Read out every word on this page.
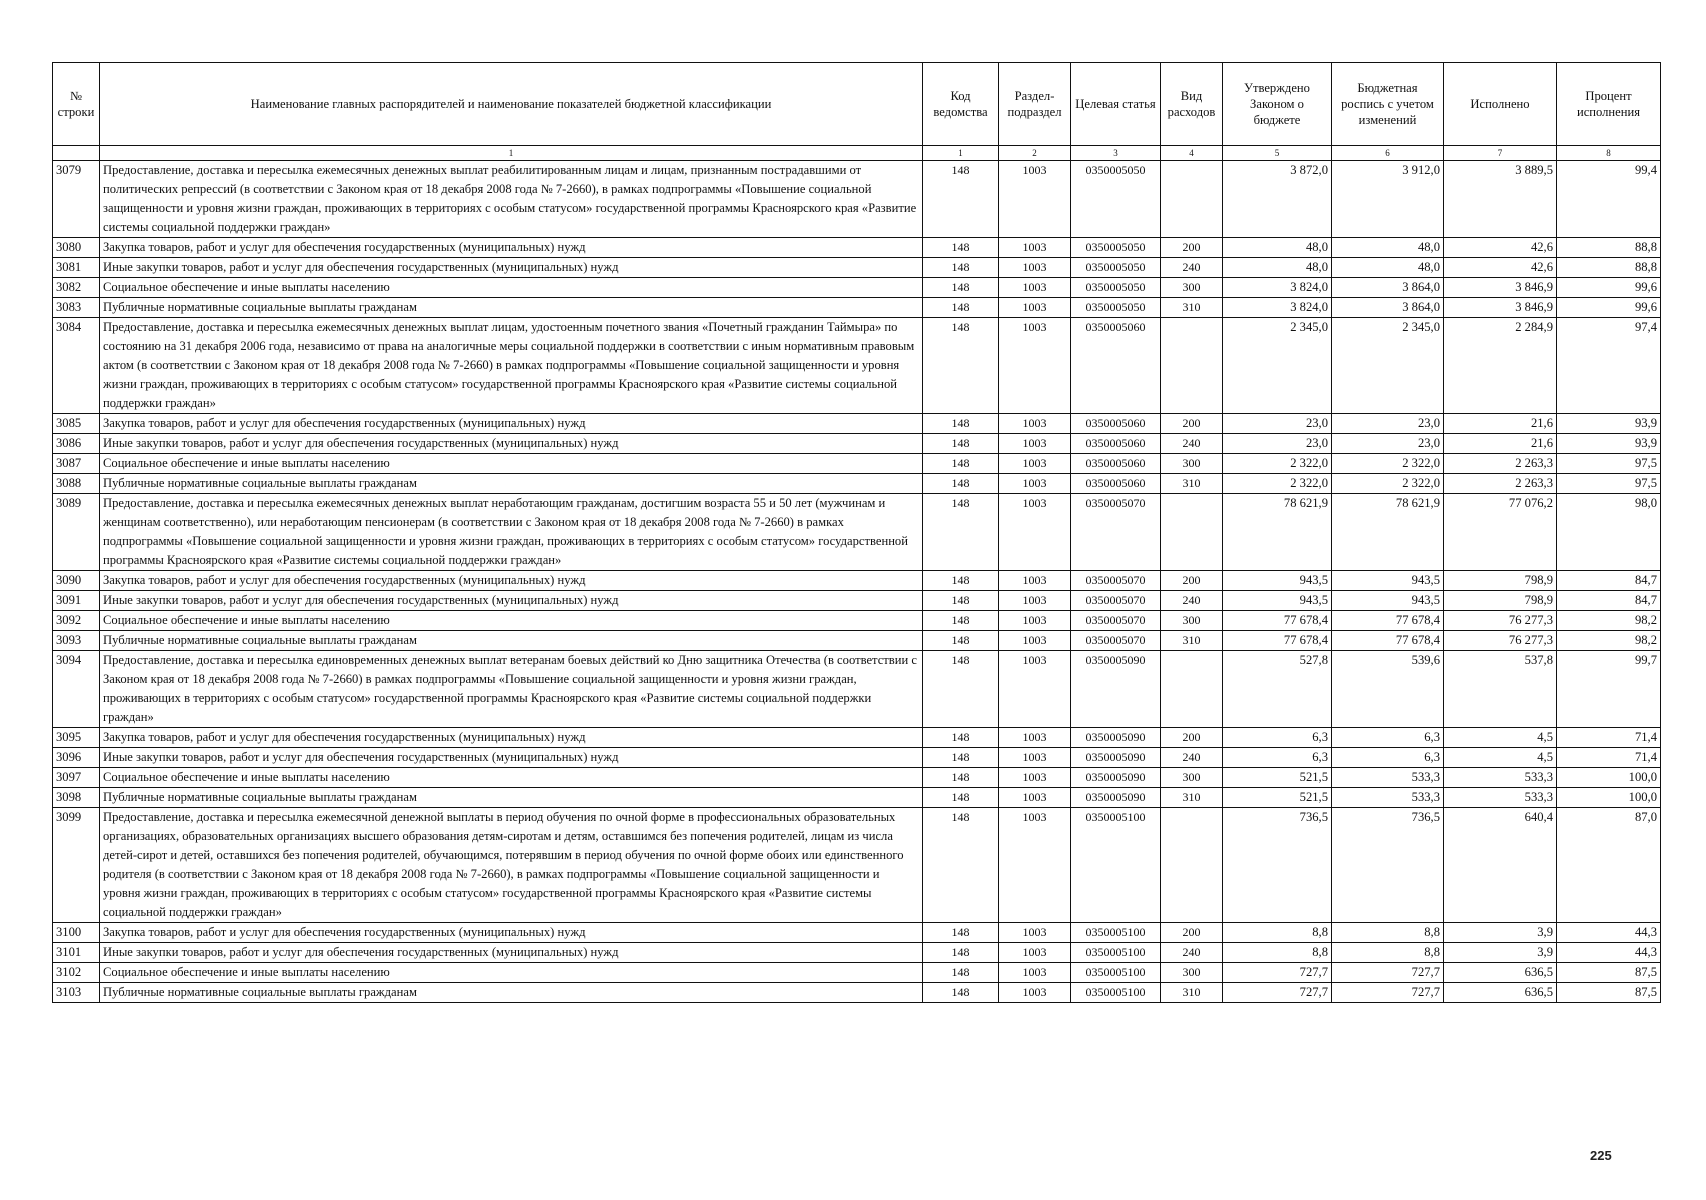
№ строки	Наименование главных распорядителей и наименование показателей бюджетной классификации	Код ведомства	Раздел-подраздел	Целевая статья	Вид расходов	Утверждено Законом о бюджете	Бюджетная роспись с учетом изменений	Исполнено	Процент исполнения
	1	1	2	3	4	5	6	7	8
3079	Предоставление, доставка и пересылка ежемесячных денежных выплат реабилитированным лицам и лицам, признанным пострадавшими от политических репрессий (в соответствии с Законом края от 18 декабря 2008 года № 7-2660), в рамках подпрограммы «Повышение социальной защищенности и уровня жизни граждан, проживающих в территориях с особым статусом» государственной программы Красноярского края «Развитие системы социальной поддержки граждан»	148	1003	0350005050		3 872,0	3 912,0	3 889,5	99,4
3080	Закупка товаров, работ и услуг для обеспечения государственных (муниципальных) нужд	148	1003	0350005050	200	48,0	48,0	42,6	88,8
3081	Иные закупки товаров, работ и услуг для обеспечения государственных (муниципальных) нужд	148	1003	0350005050	240	48,0	48,0	42,6	88,8
3082	Социальное обеспечение и иные выплаты населению	148	1003	0350005050	300	3 824,0	3 864,0	3 846,9	99,6
3083	Публичные нормативные социальные выплаты гражданам	148	1003	0350005050	310	3 824,0	3 864,0	3 846,9	99,6
3084	Предоставление, доставка и пересылка ежемесячных денежных выплат лицам, удостоенным почетного звания «Почетный гражданин Таймыра» по состоянию на 31 декабря 2006 года, независимо от права на аналогичные меры социальной поддержки в соответствии с иным нормативным правовым актом (в соответствии с Законом края от 18 декабря 2008 года № 7-2660) в рамках подпрограммы «Повышение социальной защищенности и уровня жизни граждан, проживающих в территориях с особым статусом» государственной программы Красноярского края «Развитие системы социальной поддержки граждан»	148	1003	0350005060		2 345,0	2 345,0	2 284,9	97,4
3085	Закупка товаров, работ и услуг для обеспечения государственных (муниципальных) нужд	148	1003	0350005060	200	23,0	23,0	21,6	93,9
3086	Иные закупки товаров, работ и услуг для обеспечения государственных (муниципальных) нужд	148	1003	0350005060	240	23,0	23,0	21,6	93,9
3087	Социальное обеспечение и иные выплаты населению	148	1003	0350005060	300	2 322,0	2 322,0	2 263,3	97,5
3088	Публичные нормативные социальные выплаты гражданам	148	1003	0350005060	310	2 322,0	2 322,0	2 263,3	97,5
3089	Предоставление, доставка и пересылка ежемесячных денежных выплат неработающим гражданам, достигшим возраста 55 и 50 лет (мужчинам и женщинам соответственно), или неработающим пенсионерам (в соответствии с Законом края от 18 декабря 2008 года № 7-2660) в рамках подпрограммы «Повышение социальной защищенности и уровня жизни граждан, проживающих в территориях с особым статусом» государственной программы Красноярского края «Развитие системы социальной поддержки граждан»	148	1003	0350005070		78 621,9	78 621,9	77 076,2	98,0
3090	Закупка товаров, работ и услуг для обеспечения государственных (муниципальных) нужд	148	1003	0350005070	200	943,5	943,5	798,9	84,7
3091	Иные закупки товаров, работ и услуг для обеспечения государственных (муниципальных) нужд	148	1003	0350005070	240	943,5	943,5	798,9	84,7
3092	Социальное обеспечение и иные выплаты населению	148	1003	0350005070	300	77 678,4	77 678,4	76 277,3	98,2
3093	Публичные нормативные социальные выплаты гражданам	148	1003	0350005070	310	77 678,4	77 678,4	76 277,3	98,2
3094	Предоставление, доставка и пересылка единовременных денежных выплат ветеранам боевых действий ко Дню защитника Отечества (в соответствии с Законом края от 18 декабря 2008 года № 7-2660) в рамках подпрограммы «Повышение социальной защищенности и уровня жизни граждан, проживающих в территориях с особым статусом» государственной программы Красноярского края «Развитие системы социальной поддержки граждан»	148	1003	0350005090		527,8	539,6	537,8	99,7
3095	Закупка товаров, работ и услуг для обеспечения государственных (муниципальных) нужд	148	1003	0350005090	200	6,3	6,3	4,5	71,4
3096	Иные закупки товаров, работ и услуг для обеспечения государственных (муниципальных) нужд	148	1003	0350005090	240	6,3	6,3	4,5	71,4
3097	Социальное обеспечение и иные выплаты населению	148	1003	0350005090	300	521,5	533,3	533,3	100,0
3098	Публичные нормативные социальные выплаты гражданам	148	1003	0350005090	310	521,5	533,3	533,3	100,0
3099	Предоставление, доставка и пересылка ежемесячной денежной выплаты в период обучения по очной форме в профессиональных образовательных организациях, образовательных организациях высшего образования детям-сиротам и детям, оставшимся без попечения родителей, лицам из числа детей-сирот и детей, оставшихся без попечения родителей, обучающимся, потерявшим в период обучения по очной форме обоих или единственного родителя (в соответствии с Законом края от 18 декабря 2008 года № 7-2660), в рамках подпрограммы «Повышение социальной защищенности и уровня жизни граждан, проживающих в территориях с особым статусом» государственной программы Красноярского края «Развитие системы социальной поддержки граждан»	148	1003	0350005100		736,5	736,5	640,4	87,0
3100	Закупка товаров, работ и услуг для обеспечения государственных (муниципальных) нужд	148	1003	0350005100	200	8,8	8,8	3,9	44,3
3101	Иные закупки товаров, работ и услуг для обеспечения государственных (муниципальных) нужд	148	1003	0350005100	240	8,8	8,8	3,9	44,3
3102	Социальное обеспечение и иные выплаты населению	148	1003	0350005100	300	727,7	727,7	636,5	87,5
3103	Публичные нормативные социальные выплаты гражданам	148	1003	0350005100	310	727,7	727,7	636,5	87,5
225
